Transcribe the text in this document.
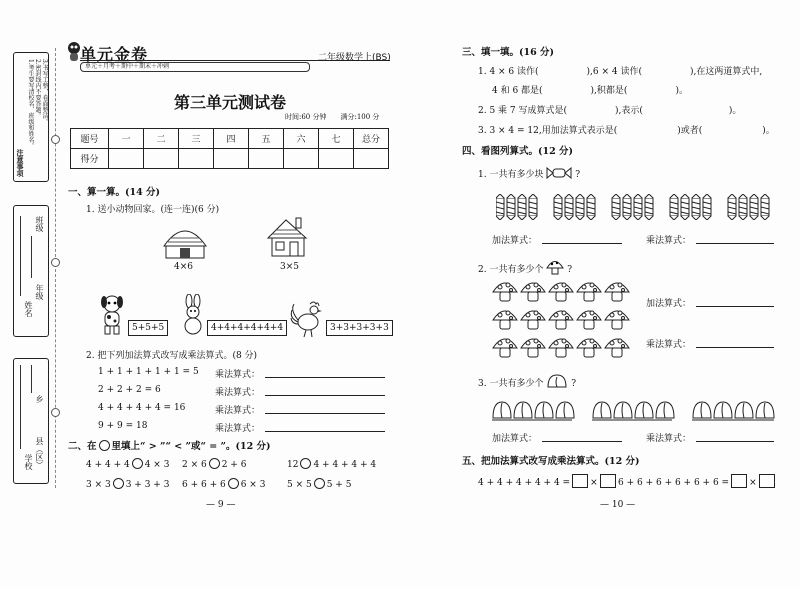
注意事项
1.考生要写清校名、班级和姓名。 2.密封线内不要答题。 3.书写工整，卷面整洁。
班级
年级
姓名
乡
县（区）
学校
单元金卷
单元＋月考＋期中＋期末＋冲刺
二年级数学上(BS)
第三单元测试卷
时间:60 分钟　　满分:100 分
题号	一	二	三	四	五	六	七	总分
得分								
一、算一算。(14 分)
1. 送小动物回家。(连一连)(6 分)
4×6	3×5
5+5+5	4+4+4+4+4+4	3+3+3+3+3
2. 把下列加法算式改写成乘法算式。(8 分)
1 + 1 + 1 + 1 + 1 = 5 乘法算式：
2 + 2 + 2 = 6	乘法算式：
4 + 4 + 4 + 4 = 16	乘法算式：
9 + 9 = 18	乘法算式：
二、在 里填上“ > ”“ < ”或“ = ”。(12 分)
4 + 4 + 4 4 × 3 2 × 6 2 + 6	12 4 + 4 + 4 + 4
3 × 3 3 + 3 + 3 6 + 6 + 6 6 × 3 5 × 5 5 + 5
— 9 —
三、填一填。(16 分)
1. 4 × 6 读作(	),6 × 4 读作(	),在这两道算式中,
4 和 6 都是(	),积都是(	)。
2. 5 乘 7 写成算式是(	),表示(	)。
3. 3 × 4 = 12,用加法算式表示是(	)或者(	)。
四、看图列算式。(12 分)
1. 一共有多少块	?
加法算式：	乘法算式：
2. 一共有多少个	?
加法算式：
乘法算式：
3. 一共有多少个	?
加法算式：	乘法算式：
五、把加法算式改写成乘法算式。(12 分)
4 + 4 + 4 + 4 + 4 = ×	6 + 6 + 6 + 6 + 6 + 6 = ×
— 10 —
